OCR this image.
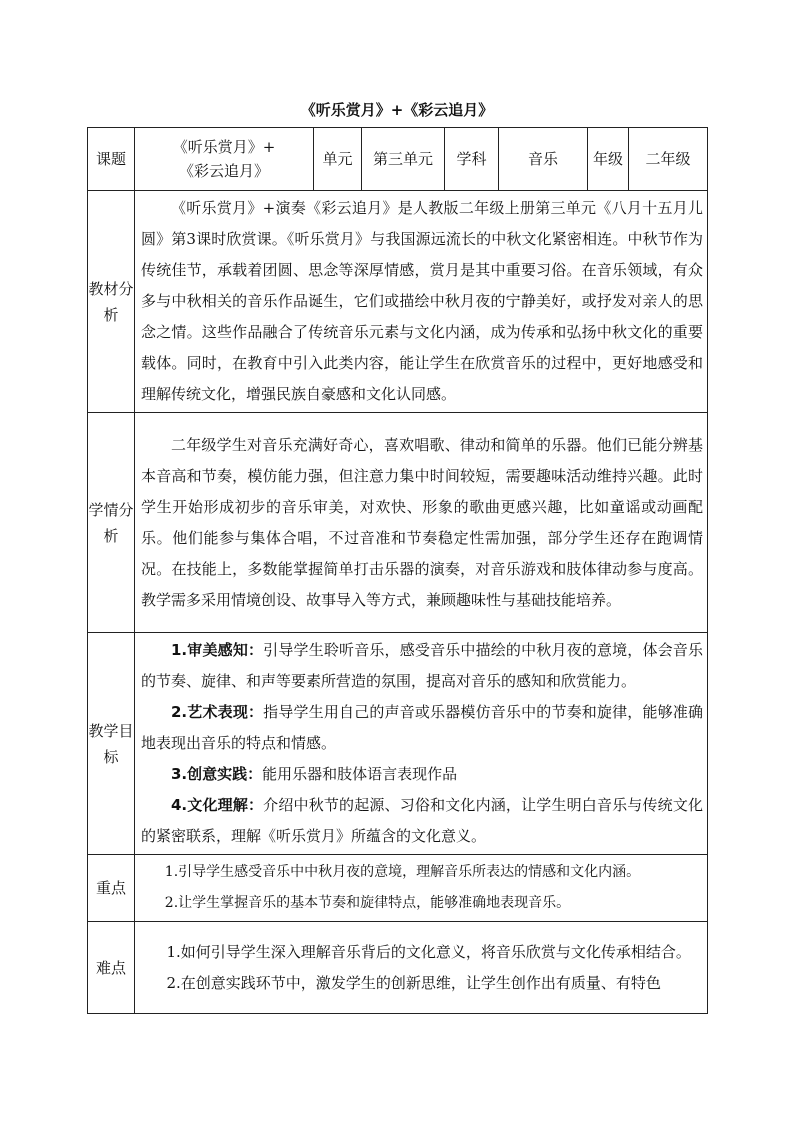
《听乐赏月》+《彩云追月》
课题	《听乐赏月》+《彩云追月》	单元	第三单元	学科	音乐	年级	二年级
教材分析	《听乐赏月》+演奏《彩云追月》是人教版二年级上册第三单元《八月十五月儿圆》第3课时欣赏课。《听乐赏月》与我国源远流长的中秋文化紧密相连。中秋节作为传统佳节，承载着团圆、思念等深厚情感，赏月是其中重要习俗。在音乐领域，有众多与中秋相关的音乐作品诞生，它们或描绘中秋月夜的宁静美好，或抒发对亲人的思念之情。这些作品融合了传统音乐元素与文化内涵，成为传承和弘扬中秋文化的重要载体。同时，在教育中引入此类内容，能让学生在欣赏音乐的过程中，更好地感受和理解传统文化，增强民族自豪感和文化认同感。						

学情分析	二年级学生对音乐充满好奇心，喜欢唱歌、律动和简单的乐器。他们已能分辨基本音高和节奏，模仿能力强，但注意力集中时间较短，需要趣味活动维持兴趣。此时学生开始形成初步的音乐审美，对欢快、形象的歌曲更感兴趣，比如童谣或动画配乐。他们能参与集体合唱，不过音准和节奏稳定性需加强，部分学生还存在跑调情况。在技能上，多数能掌握简单打击乐器的演奏，对音乐游戏和肢体律动参与度高。教学需多采用情境创设、故事导入等方式，兼顾趣味性与基础技能培养。						

教学目标	1.审美感知：引导学生聆听音乐，感受音乐中描绘的中秋月夜的意境，体会音乐的节奏、旋律、和声等要素所营造的氛围，提高对音乐的感知和欣赏能力。

2.艺术表现：指导学生用自己的声音或乐器模仿音乐中的节奏和旋律，能够准确地表现出音乐的特点和情感。

3.创意实践：能用乐器和肢体语言表现作品

4.文化理解：介绍中秋节的起源、习俗和文化内涵，让学生明白音乐与传统文化的紧密联系，理解《听乐赏月》所蕴含的文化意义。						

重点	1.引导学生感受音乐中中秋月夜的意境，理解音乐所表达的情感和文化内涵。

2.让学生掌握音乐的基本节奏和旋律特点，能够准确地表现音乐。						

难点	1.如何引导学生深入理解音乐背后的文化意义，将音乐欣赏与文化传承相结合。

2.在创意实践环节中，激发学生的创新思维，让学生创作出有质量、有特色						
